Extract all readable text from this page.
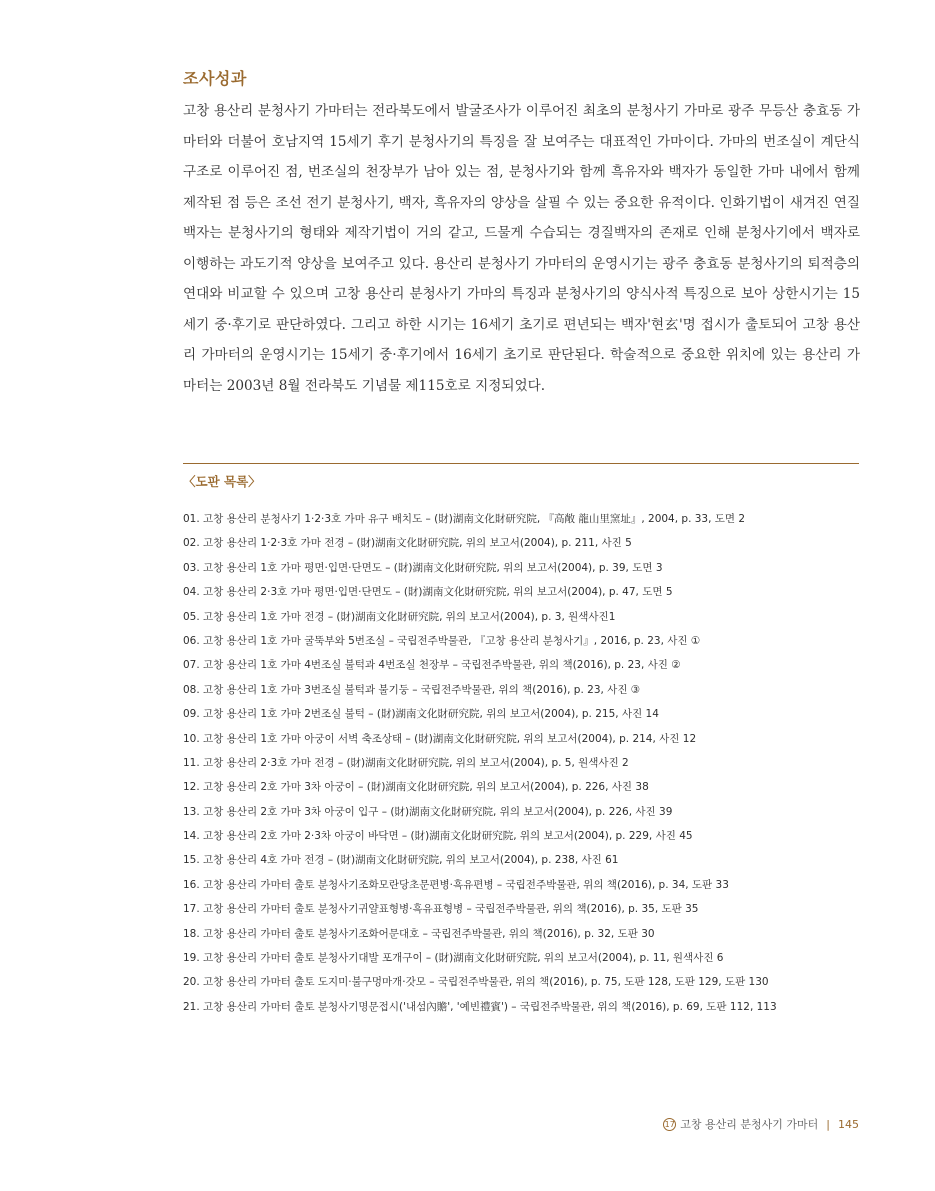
조사성과

고창 용산리 분청사기 가마터는 전라북도에서 발굴조사가 이루어진 최초의 분청사기 가마로 광주 무등산 충효동 가마터와 더불어 호남지역 15세기 후기 분청사기의 특징을 잘 보여주는 대표적인 가마이다. 가마의 번조실이 계단식 구조로 이루어진 점, 번조실의 천장부가 남아 있는 점, 분청사기와 함께 흑유자와 백자가 동일한 가마 내에서 함께 제작된 점 등은 조선 전기 분청사기, 백자, 흑유자의 양상을 살필 수 있는 중요한 유적이다. 인화기법이 새겨진 연질백자는 분청사기의 형태와 제작기법이 거의 같고, 드물게 수습되는 경질백자의 존재로 인해 분청사기에서 백자로 이행하는 과도기적 양상을 보여주고 있다. 용산리 분청사기 가마터의 운영시기는 광주 충효동 분청사기의 퇴적층의 연대와 비교할 수 있으며 고창 용산리 분청사기 가마의 특징과 분청사기의 양식사적 특징으로 보아 상한시기는 15세기 중·후기로 판단하였다. 그리고 하한 시기는 16세기 초기로 편년되는 백자'현玄'명 접시가 출토되어 고창 용산리 가마터의 운영시기는 15세기 중·후기에서 16세기 초기로 판단된다. 학술적으로 중요한 위치에 있는 용산리 가마터는 2003년 8월 전라북도 기념물 제115호로 지정되었다.

〈도판 목록〉
01. 고창 용산리 분청사기 1·2·3호 가마 유구 배치도 – (財)湖南文化財研究院, 『高敞 龍山里窯址』, 2004, p. 33, 도면 2
02. 고창 용산리 1·2·3호 가마 전경 – (財)湖南文化財研究院, 위의 보고서(2004), p. 211, 사진 5
03. 고창 용산리 1호 가마 평면·입면·단면도 – (財)湖南文化財研究院, 위의 보고서(2004), p. 39, 도면 3
04. 고창 용산리 2·3호 가마 평면·입면·단면도 – (財)湖南文化財研究院, 위의 보고서(2004), p. 47, 도면 5
05. 고창 용산리 1호 가마 전경 – (財)湖南文化財研究院, 위의 보고서(2004), p. 3, 원색사진1
06. 고창 용산리 1호 가마 굴뚝부와 5번조실 – 국립전주박물관, 『고창 용산리 분청사기』, 2016, p. 23, 사진 ①
07. 고창 용산리 1호 가마 4번조실 불턱과 4번조실 천장부 – 국립전주박물관, 위의 책(2016), p. 23, 사진 ②
08. 고창 용산리 1호 가마 3번조실 불턱과 불기둥 – 국립전주박물관, 위의 책(2016), p. 23, 사진 ③
09. 고창 용산리 1호 가마 2번조실 불턱 – (財)湖南文化財研究院, 위의 보고서(2004), p. 215, 사진 14
10. 고창 용산리 1호 가마 아궁이 서벽 축조상태 – (財)湖南文化財研究院, 위의 보고서(2004), p. 214, 사진 12
11. 고창 용산리 2·3호 가마 전경 – (財)湖南文化財研究院, 위의 보고서(2004), p. 5, 원색사진 2
12. 고창 용산리 2호 가마 3차 아궁이 – (財)湖南文化財研究院, 위의 보고서(2004), p. 226, 사진 38
13. 고창 용산리 2호 가마 3차 아궁이 입구 – (財)湖南文化財研究院, 위의 보고서(2004), p. 226, 사진 39
14. 고창 용산리 2호 가마 2·3차 아궁이 바닥면 – (財)湖南文化財研究院, 위의 보고서(2004), p. 229, 사진 45
15. 고창 용산리 4호 가마 전경 – (財)湖南文化財研究院, 위의 보고서(2004), p. 238, 사진 61
16. 고창 용산리 가마터 출토 분청사기조화모란당초문편병·흑유편병 – 국립전주박물관, 위의 책(2016), p. 34, 도판 33
17. 고창 용산리 가마터 출토 분청사기귀얄표형병·흑유표형병 – 국립전주박물관, 위의 책(2016), p. 35, 도판 35
18. 고창 용산리 가마터 출토 분청사기조화어문대호 – 국립전주박물관, 위의 책(2016), p. 32, 도판 30
19. 고창 용산리 가마터 출토 분청사기대발 포개구이 – (財)湖南文化財研究院, 위의 보고서(2004), p. 11, 원색사진 6
20. 고창 용산리 가마터 출토 도지미·불구멍마개·갓모 – 국립전주박물관, 위의 책(2016), p. 75, 도판 128, 도판 129, 도판 130
21. 고창 용산리 가마터 출토 분청사기명문접시('내섬內贍', '예빈禮賓') – 국립전주박물관, 위의 책(2016), p. 69, 도판 112, 113
17 고창 용산리 분청사기 가마터 | 145
